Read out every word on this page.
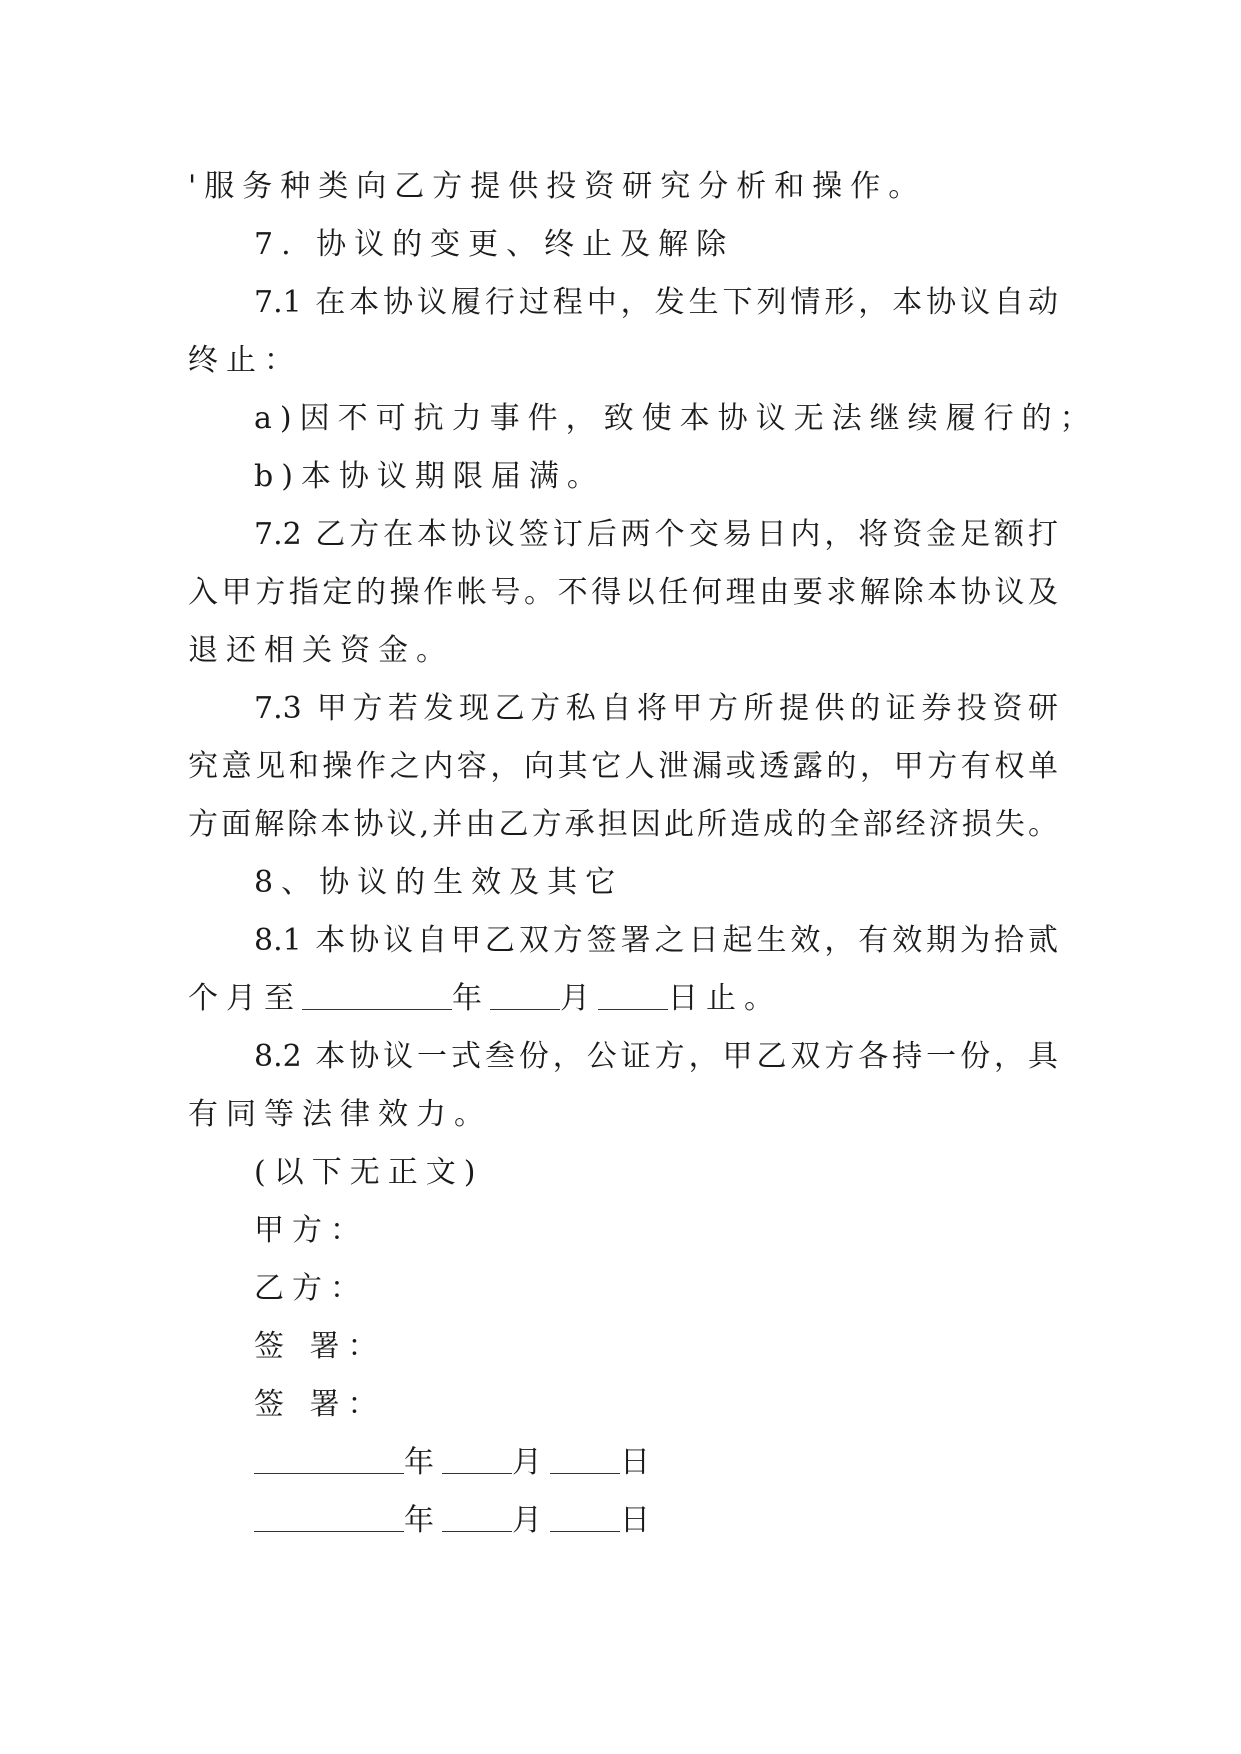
'服务种类向乙方提供投资研究分析和操作。
7. 协议的变更、终止及解除
7.1 在本协议履行过程中，发生下列情形，本协议自动
终止：
a)因不可抗力事件，致使本协议无法继续履行的；
b)本协议期限届满。
7.2 乙方在本协议签订后两个交易日内，将资金足额打
入甲方指定的操作帐号。不得以任何理由要求解除本协议及
退还相关资金。
7.3 甲方若发现乙方私自将甲方所提供的证券投资研
究意见和操作之内容，向其它人泄漏或透露的，甲方有权单
方面解除本协议,并由乙方承担因此所造成的全部经济损失。
8、协议的生效及其它
8.1 本协议自甲乙双方签署之日起生效，有效期为拾贰
个月至	年 月 日止。
8.2 本协议一式叁份，公证方，甲乙双方各持一份，具
有同等法律效力。
(以下无正文)
甲方：
乙方：
签 署：
签 署：
年 月 日
年 月 日
